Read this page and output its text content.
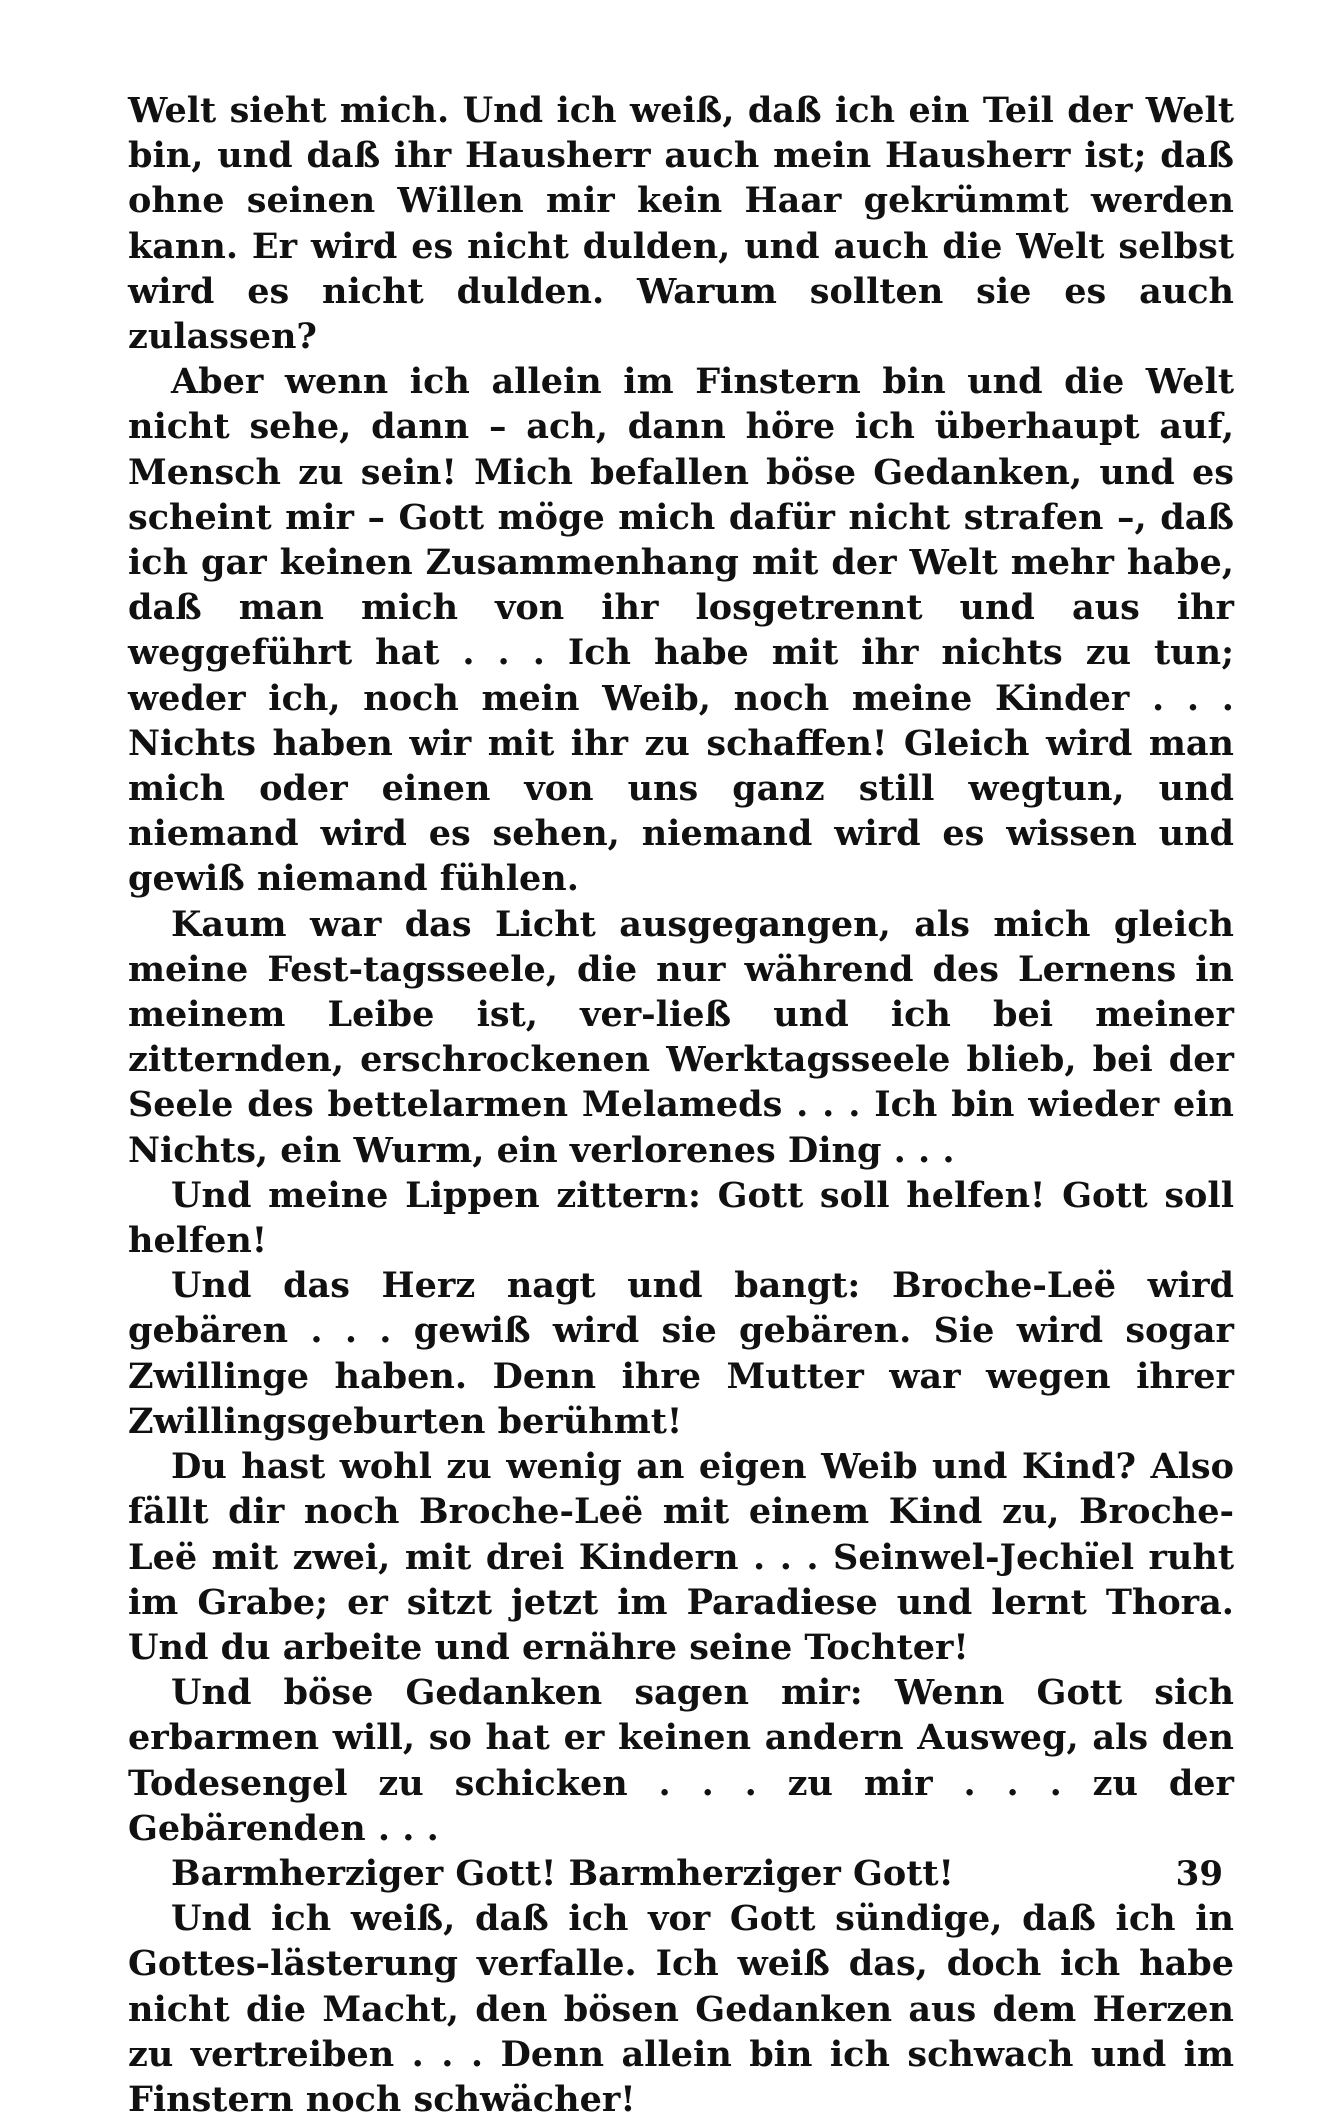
Welt sieht mich. Und ich weiß, daß ich ein Teil der Welt bin, und daß ihr Hausherr auch mein Hausherr ist; daß ohne seinen Willen mir kein Haar gekrümmt werden kann. Er wird es nicht dulden, und auch die Welt selbst wird es nicht dulden. Warum sollten sie es auch zulassen?

Aber wenn ich allein im Finstern bin und die Welt nicht sehe, dann – ach, dann höre ich überhaupt auf, Mensch zu sein! Mich befallen böse Gedanken, und es scheint mir – Gott möge mich dafür nicht strafen –, daß ich gar keinen Zusammenhang mit der Welt mehr habe, daß man mich von ihr losgetrennt und aus ihr weggeführt hat . . . Ich habe mit ihr nichts zu tun; weder ich, noch mein Weib, noch meine Kinder . . . Nichts haben wir mit ihr zu schaffen! Gleich wird man mich oder einen von uns ganz still wegtun, und niemand wird es sehen, niemand wird es wissen und gewiß niemand fühlen.

Kaum war das Licht ausgegangen, als mich gleich meine Fest-tagsseele, die nur während des Lernens in meinem Leibe ist, ver-ließ und ich bei meiner zitternden, erschrockenen Werktagsseele blieb, bei der Seele des bettelarmen Melameds . . . Ich bin wieder ein Nichts, ein Wurm, ein verlorenes Ding . . .

Und meine Lippen zittern: Gott soll helfen! Gott soll helfen!

Und das Herz nagt und bangt: Broche-Leë wird gebären . . . gewiß wird sie gebären. Sie wird sogar Zwillinge haben. Denn ihre Mutter war wegen ihrer Zwillingsgeburten berühmt!

Du hast wohl zu wenig an eigen Weib und Kind? Also fällt dir noch Broche-Leë mit einem Kind zu, Broche-Leë mit zwei, mit drei Kindern . . . Seinwel-Jechïel ruht im Grabe; er sitzt jetzt im Paradiese und lernt Thora. Und du arbeite und ernähre seine Tochter!

Und böse Gedanken sagen mir: Wenn Gott sich erbarmen will, so hat er keinen andern Ausweg, als den Todesengel zu schicken . . . zu mir . . . zu der Gebärenden . . .

Barmherziger Gott! Barmherziger Gott!

Und ich weiß, daß ich vor Gott sündige, daß ich in Gottes-lästerung verfalle. Ich weiß das, doch ich habe nicht die Macht, den bösen Gedanken aus dem Herzen zu vertreiben . . . Denn allein bin ich schwach und im Finstern noch schwächer!

39
